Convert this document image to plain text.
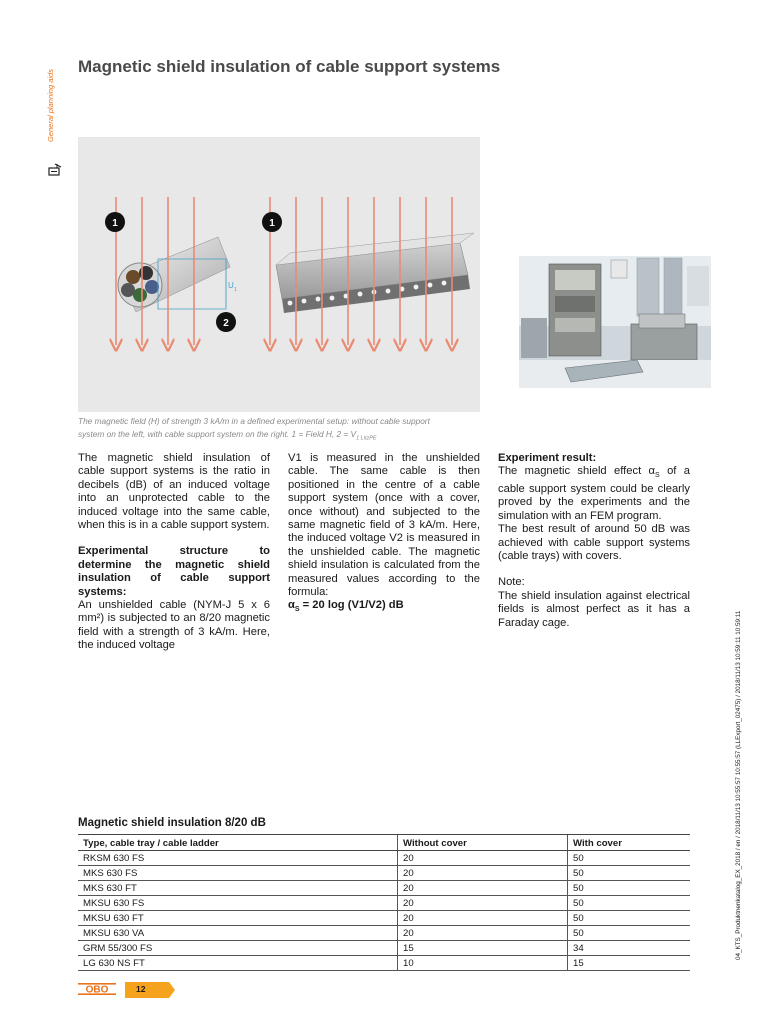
General planning aids
Magnetic shield insulation of cable support systems
U 1
1
2
1
The magnetic field (H) of strength 3 kA/m in a defined experimental setup: without cable support
system on the left, with cable support system on the right. 1 = Field H, $2 = V_{1 LitzPE}$

The magnetic shield insulation of cable support systems is the ratio in decibels (dB) of an induced voltage into an unprotected cable to the induced voltage into the same cable, when this is in a cable support system.

Experimental structure to determine the magnetic shield insulation of cable support systems:

An unshielded cable (NYM-J 5 x 6 mm²) is subjected to an 8/20 magnetic field with a strength of 3 kA/m. Here, the induced voltage

V1 is measured in the unshielded cable. The same cable is then positioned in the centre of a cable support system (once with a cover, once without) and subjected to the same magnetic field of 3 kA/m. Here, the induced voltage V2 is measured in the unshielded cable. The magnetic shield insulation is calculated from the measured values according to the formula:

$\alpha_S = 20$ log (V1/V2) dB

Experiment result:

The magnetic shield effect $\alpha_S$ of a cable support system could be clearly proved by the experiments and the simulation with an FEM program.

The best result of around 50 dB was achieved with cable support systems (cable trays) with covers.

Note:

The shield insulation against electrical fields is almost perfect as it has a Faraday cage.

Magnetic shield insulation 8/20 dB
Type, cable tray / cable ladder	Without cover	With cover
RKSM 630 FS	20	50
MKS 630 FS	20	50
MKS 630 FT	20	50
MKSU 630 FS	20	50
MKSU 630 FT	20	50
MKSU 630 VA	20	50
GRM 55/300 FS	15	34
LG 630 NS FT	10	15
OBO	12
04_KTS_Produktnenkatalog_EX_2018 / en / 2018/11/13 10:55:57 10:55:57 (LLExport_02475) / 2018/11/13 10:59:11 10:59:11
